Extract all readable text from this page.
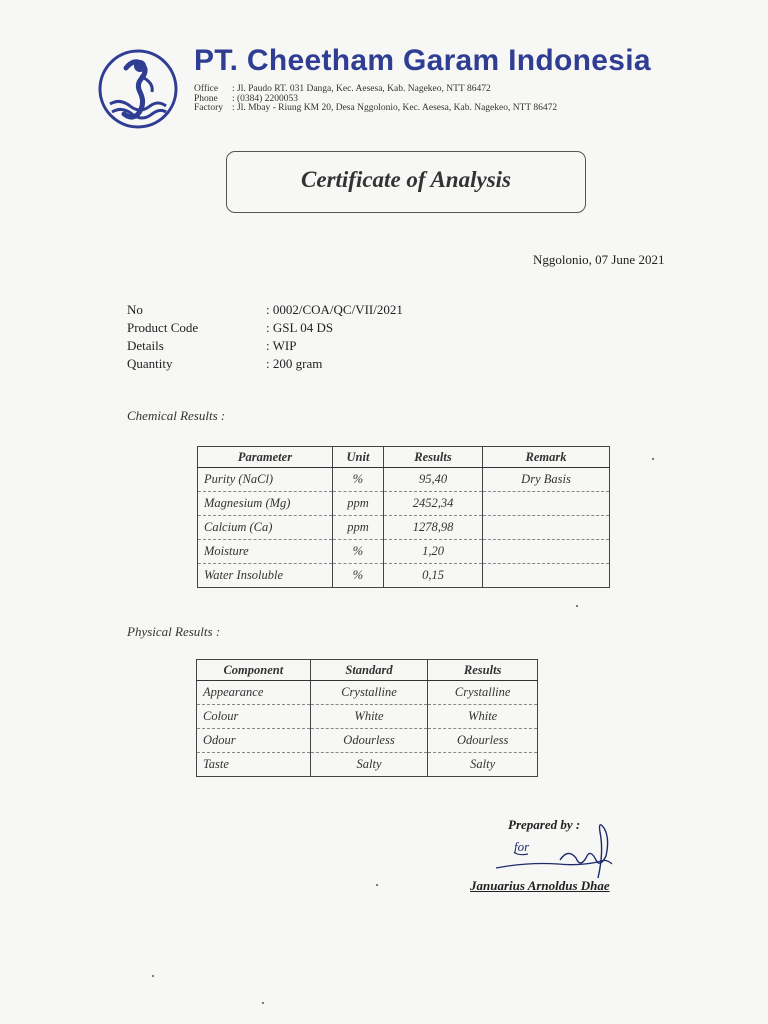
PT. Cheetham Garam Indonesia
Office : Jl. Paudo RT. 031 Danga, Kec. Aesesa, Kab. Nagekeo, NTT 86472
Phone : (0384) 2200053
Factory : Jl. Mbay - Riung KM 20, Desa Nggolonio, Kec. Aesesa, Kab. Nagekeo, NTT 86472
Certificate of Analysis
Nggolonio, 07 June 2021
No	: 0002/COA/QC/VII/2021
Product Code	: GSL 04 DS
Details	: WIP
Quantity	: 200 gram
Chemical Results :
Parameter	Unit	Results	Remark
Purity (NaCl)	%	95,40	Dry Basis
Magnesium (Mg)	ppm	2452,34	
Calcium (Ca)	ppm	1278,98	
Moisture	%	1,20	
Water Insoluble	%	0,15	
Physical Results :
Component	Standard	Results
Appearance	Crystalline	Crystalline
Colour	White	White
Odour	Odourless	Odourless
Taste	Salty	Salty
Prepared by :
for
Januarius Arnoldus Dhae
